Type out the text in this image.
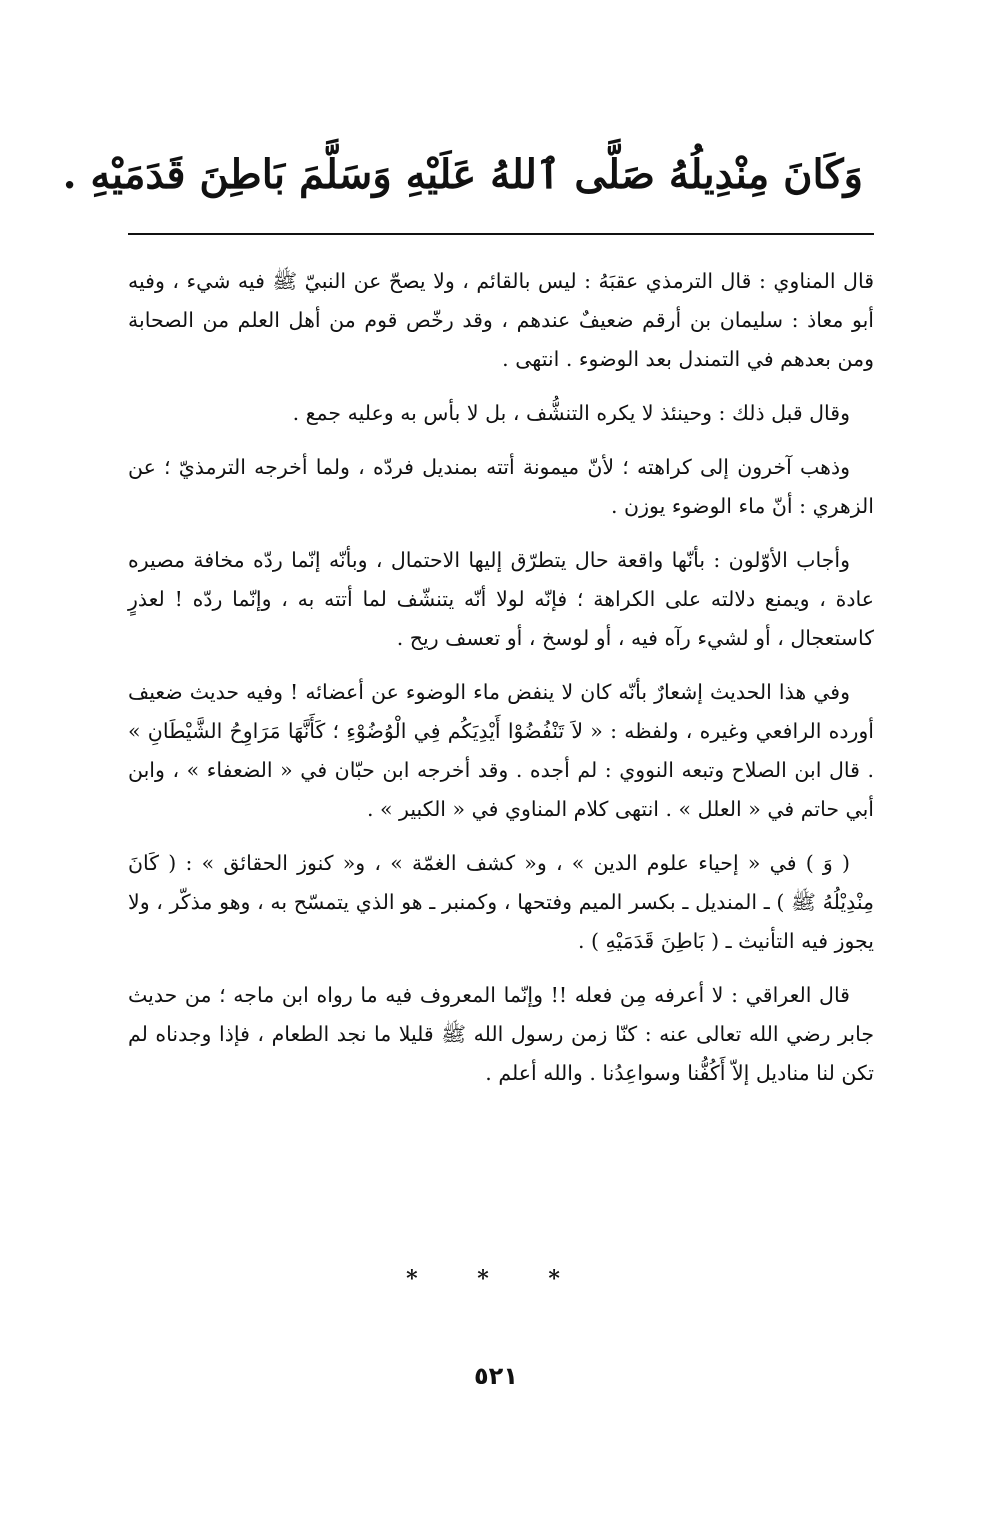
وَكَانَ مِنْدِيلُهُ صَلَّى ٱللهُ عَلَيْهِ وَسَلَّمَ بَاطِنَ قَدَمَيْهِ .

قال المناوي : قال الترمذي عقبَهُ : ليس بالقائم ، ولا يصحّ عن النبيّ ﷺ فيه شيء ، وفيه أبو معاذ : سليمان بن أرقم ضعيفٌ عندهم ، وقد رخّص قوم من أهل العلم من الصحابة ومن بعدهم في التمندل بعد الوضوء . انتهى .

وقال قبل ذلك : وحينئذ لا يكره التنشُّف ، بل لا بأس به وعليه جمع .

وذهب آخرون إلى كراهته ؛ لأنّ ميمونة أتته بمنديل فردّه ، ولما أخرجه الترمذيّ ؛ عن الزهري : أنّ ماء الوضوء يوزن .

وأجاب الأوّلون : بأنّها واقعة حال يتطرّق إليها الاحتمال ، وبأنّه إنّما ردّه مخافة مصيره عادة ، ويمنع دلالته على الكراهة ؛ فإنّه لولا أنّه يتنشّف لما أتته به ، وإنّما ردّه ! لعذرٍ كاستعجال ، أو لشيء رآه فيه ، أو لوسخ ، أو تعسف ريح .

وفي هذا الحديث إشعارٌ بأنّه كان لا ينفض ماء الوضوء عن أعضائه ! وفيه حديث ضعيف أورده الرافعي وغيره ، ولفظه : « لاَ تَنْفُضُوْا أَيْدِيَكُم فِي الْوُضُوْءِ ؛ كَأَنَّهَا مَرَاوِحُ الشَّيْطَانِ » . قال ابن الصلاح وتبعه النووي : لم أجده . وقد أخرجه ابن حبّان في « الضعفاء » ، وابن أبي حاتم في « العلل » . انتهى كلام المناوي في « الكبير » .

( وَ ) في « إحياء علوم الدين » ، و« كشف الغمّة » ، و« كنوز الحقائق » : ( كَانَ مِنْدِيْلُهُ ﷺ ) ـ المنديل ـ بكسر الميم وفتحها ، وكمنبر ـ هو الذي يتمسّح به ، وهو مذكّر ، ولا يجوز فيه التأنيث ـ ( بَاطِنَ قَدَمَيْهِ ) .

قال العراقي : لا أعرفه مِن فعله !! وإنّما المعروف فيه ما رواه ابن ماجه ؛ من حديث جابر رضي الله تعالى عنه : كنّا زمن رسول الله ﷺ قليلا ما نجد الطعام ، فإذا وجدناه لم تكن لنا مناديل إلاّ أَكُفُّنا وسواعِدُنا . والله أعلم .

* * *
٥٢١
